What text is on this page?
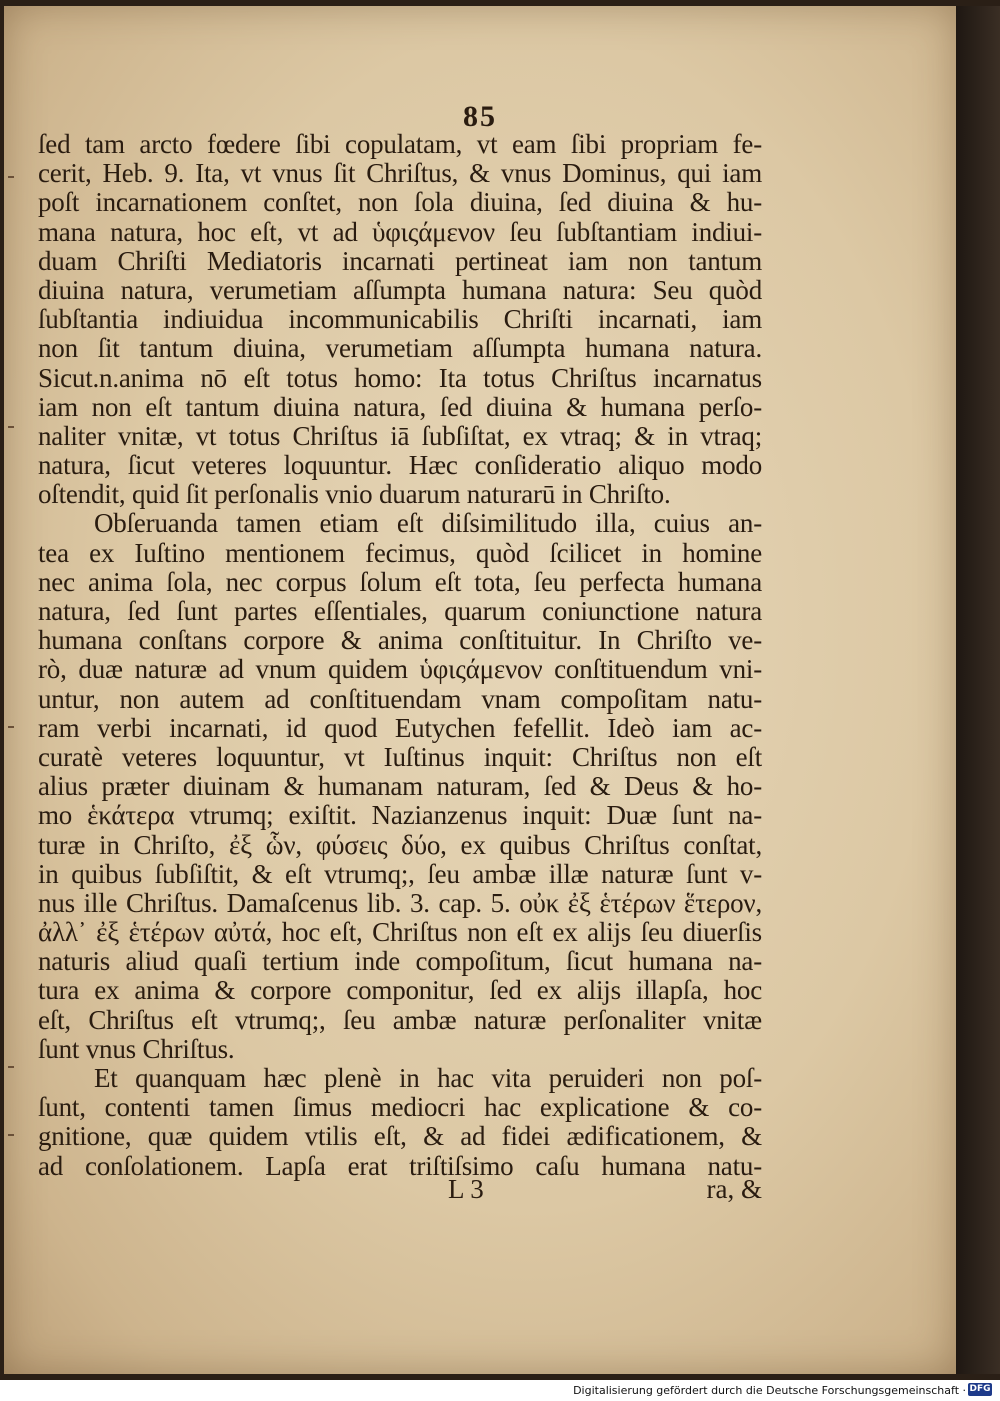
85
ſed tam arcto fœdere ſibi copulatam, vt eam ſibi propriam fe-
cerit, Heb. 9. Ita, vt vnus ſit Chriſtus, & vnus Dominus, qui iam
poſt incarnationem conſtet, non ſola diuina, ſed diuina & hu-
mana natura, hoc eſt, vt ad ὑφιςάμενον ſeu ſubſtantiam indiui-
duam Chriſti Mediatoris incarnati pertineat iam non tantum
diuina natura, verumetiam aſſumpta humana natura: Seu quòd
ſubſtantia indiuidua incommunicabilis Chriſti incarnati, iam
non ſit tantum diuina, verumetiam aſſumpta humana natura.
Sicut.n.anima nō eſt totus homo: Ita totus Chriſtus incarnatus
iam non eſt tantum diuina natura, ſed diuina & humana perſo-
naliter vnitæ, vt totus Chriſtus iā ſubſiſtat, ex vtraq; & in vtraq;
natura, ſicut veteres loquuntur. Hæc conſideratio aliquo modo
oſtendit, quid ſit perſonalis vnio duarum naturarū in Chriſto.
Obſeruanda tamen etiam eſt diſsimilitudo illa, cuius an-
tea ex Iuſtino mentionem fecimus, quòd ſcilicet in homine
nec anima ſola, nec corpus ſolum eſt tota, ſeu perfecta humana
natura, ſed ſunt partes eſſentiales, quarum coniunctione natura
humana conſtans corpore & anima conſtituitur. In Chriſto ve-
rò, duæ naturæ ad vnum quidem ὑφιςάμενον conſtituendum vni-
untur, non autem ad conſtituendam vnam compoſitam natu-
ram verbi incarnati, id quod Eutychen fefellit. Ideò iam ac-
curatè veteres loquuntur, vt Iuſtinus inquit: Chriſtus non eſt
alius præter diuinam & humanam naturam, ſed & Deus & ho-
mo ἑκάτερα vtrumq; exiſtit. Nazianzenus inquit: Duæ ſunt na-
turæ in Chriſto, ἐξ ὧν, φύσεις δύο, ex quibus Chriſtus conſtat,
in quibus ſubſiſtit, & eſt vtrumq;, ſeu ambæ illæ naturæ ſunt v-
nus ille Chriſtus. Damaſcenus lib. 3. cap. 5. οὐκ ἐξ ἑτέρων ἕτερον,
ἀλλ᾽ ἐξ ἑτέρων αὐτά, hoc eſt, Chriſtus non eſt ex alijs ſeu diuerſis
naturis aliud quaſi tertium inde compoſitum, ſicut humana na-
tura ex anima & corpore componitur, ſed ex alijs illapſa, hoc
eſt, Chriſtus eſt vtrumq;, ſeu ambæ naturæ perſonaliter vnitæ
ſunt vnus Chriſtus.
Et quanquam hæc plenè in hac vita peruideri non poſ-
ſunt, contenti tamen ſimus mediocri hac explicatione & co-
gnitione, quæ quidem vtilis eſt, & ad fidei ædificationem, &
ad conſolationem. Lapſa erat triſtiſsimo caſu humana natu-
L 3	ra, &
Digitalisierung gefördert durch die Deutsche Forschungsgemeinschaft · DFG
